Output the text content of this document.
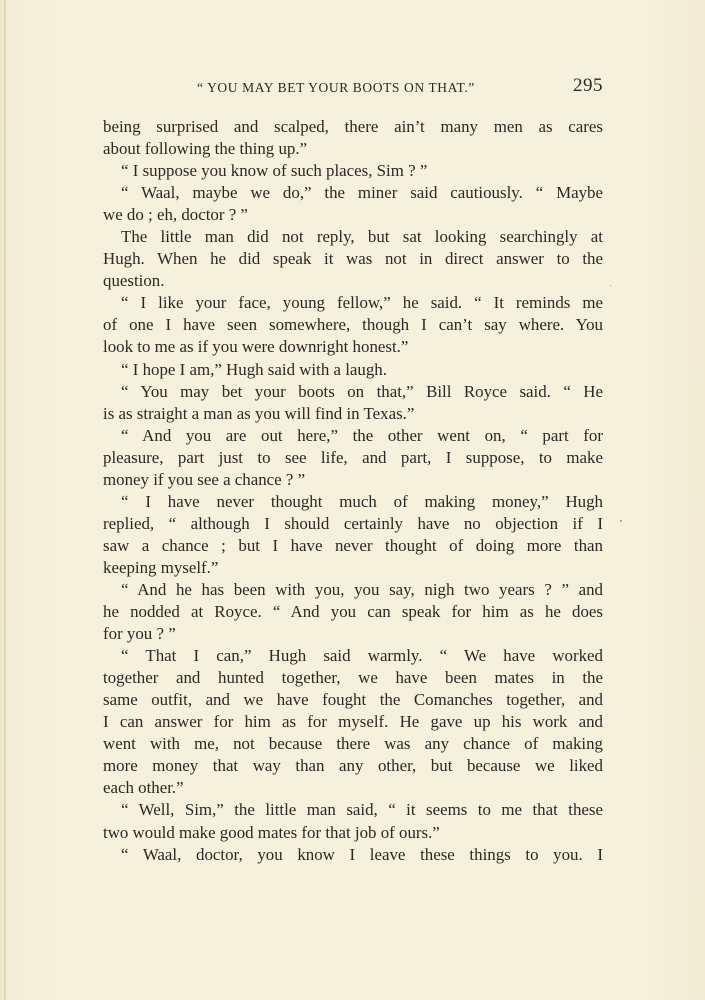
“ YOU MAY BET YOUR BOOTS ON THAT.”	295
being surprised and scalped, there ain’t many men as cares
about following the thing up.”
“ I suppose you know of such places, Sim ? ”
“ Waal, maybe we do,” the miner said cautiously. “ Maybe
we do ; eh, doctor ? ”
The little man did not reply, but sat looking searchingly at
Hugh. When he did speak it was not in direct answer to the
question.
“ I like your face, young fellow,” he said. “ It reminds me
of one I have seen somewhere, though I can’t say where. You
look to me as if you were downright honest.”
“ I hope I am,” Hugh said with a laugh.
“ You may bet your boots on that,” Bill Royce said. “ He
is as straight a man as you will find in Texas.”
“ And you are out here,” the other went on, “ part for
pleasure, part just to see life, and part, I suppose, to make
money if you see a chance ? ”
“ I have never thought much of making money,” Hugh
replied, “ although I should certainly have no objection if I
saw a chance ; but I have never thought of doing more than
keeping myself.”
“ And he has been with you, you say, nigh two years ? ” and
he nodded at Royce. “ And you can speak for him as he does
for you ? ”
“ That I can,” Hugh said warmly. “ We have worked
together and hunted together, we have been mates in the
same outfit, and we have fought the Comanches together, and
I can answer for him as for myself. He gave up his work and
went with me, not because there was any chance of making
more money that way than any other, but because we liked
each other.”
“ Well, Sim,” the little man said, “ it seems to me that these
two would make good mates for that job of ours.”
“ Waal, doctor, you know I leave these things to you. I
